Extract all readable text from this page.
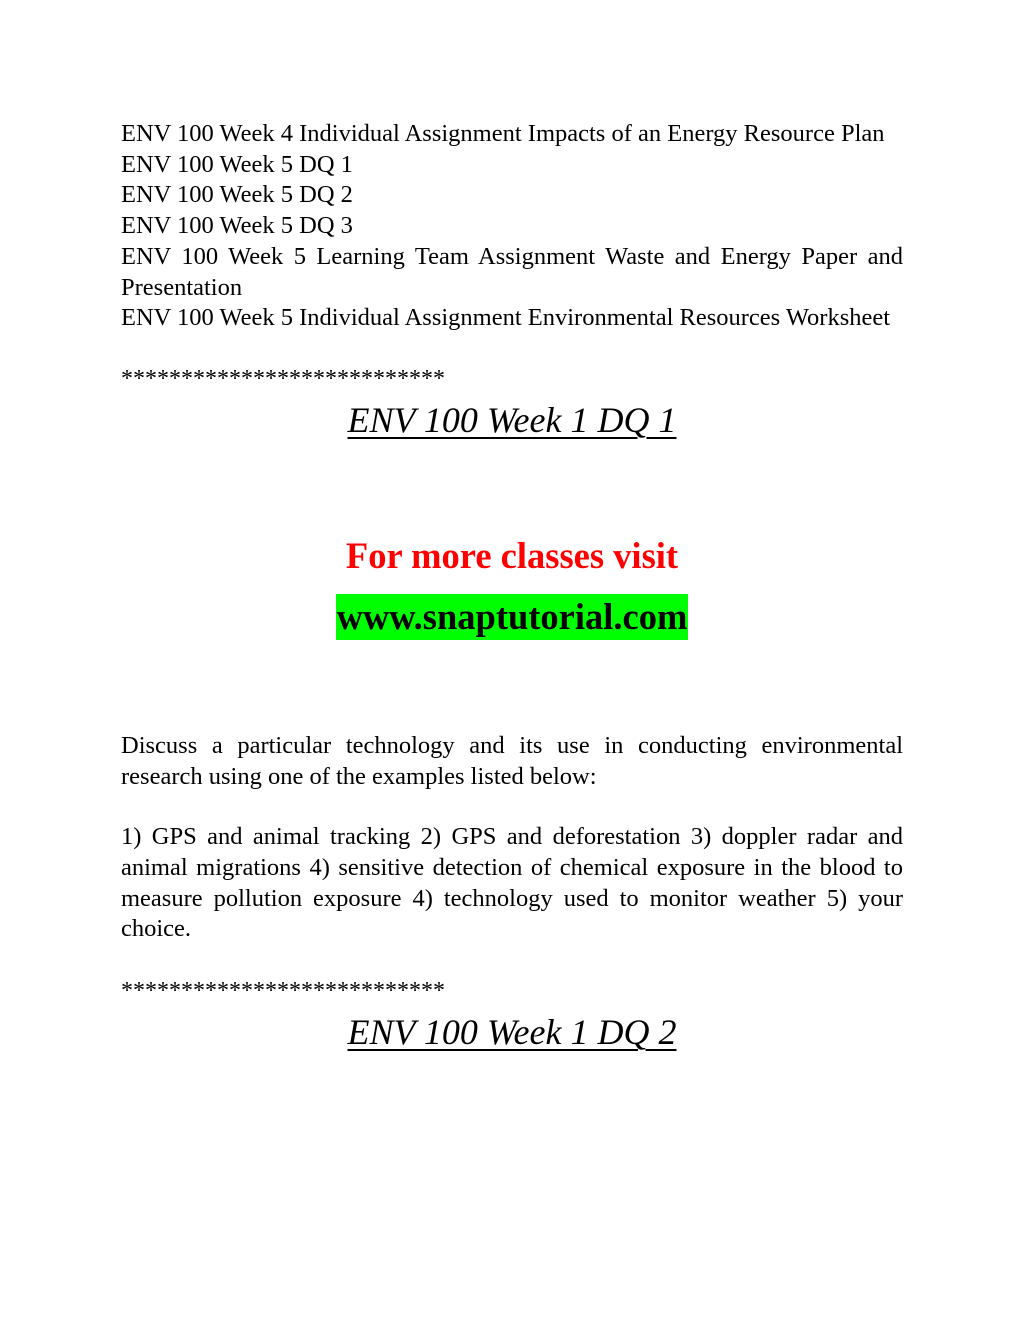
ENV 100 Week 4 Individual Assignment Impacts of an Energy Resource Plan
ENV 100 Week 5 DQ 1
ENV 100 Week 5 DQ 2
ENV 100 Week 5 DQ 3
ENV 100 Week 5 Learning Team Assignment Waste and Energy Paper and Presentation
ENV 100 Week 5 Individual Assignment Environmental Resources Worksheet
***************************
ENV 100 Week 1 DQ 1
For more classes visit
www.snaptutorial.com

Discuss a particular technology and its use in conducting environmental research using one of the examples listed below:

1) GPS and animal tracking 2) GPS and deforestation 3) doppler radar and animal migrations 4) sensitive detection of chemical exposure in the blood to measure pollution exposure 4) technology used to monitor weather 5) your choice.

***************************
ENV 100 Week 1 DQ 2
